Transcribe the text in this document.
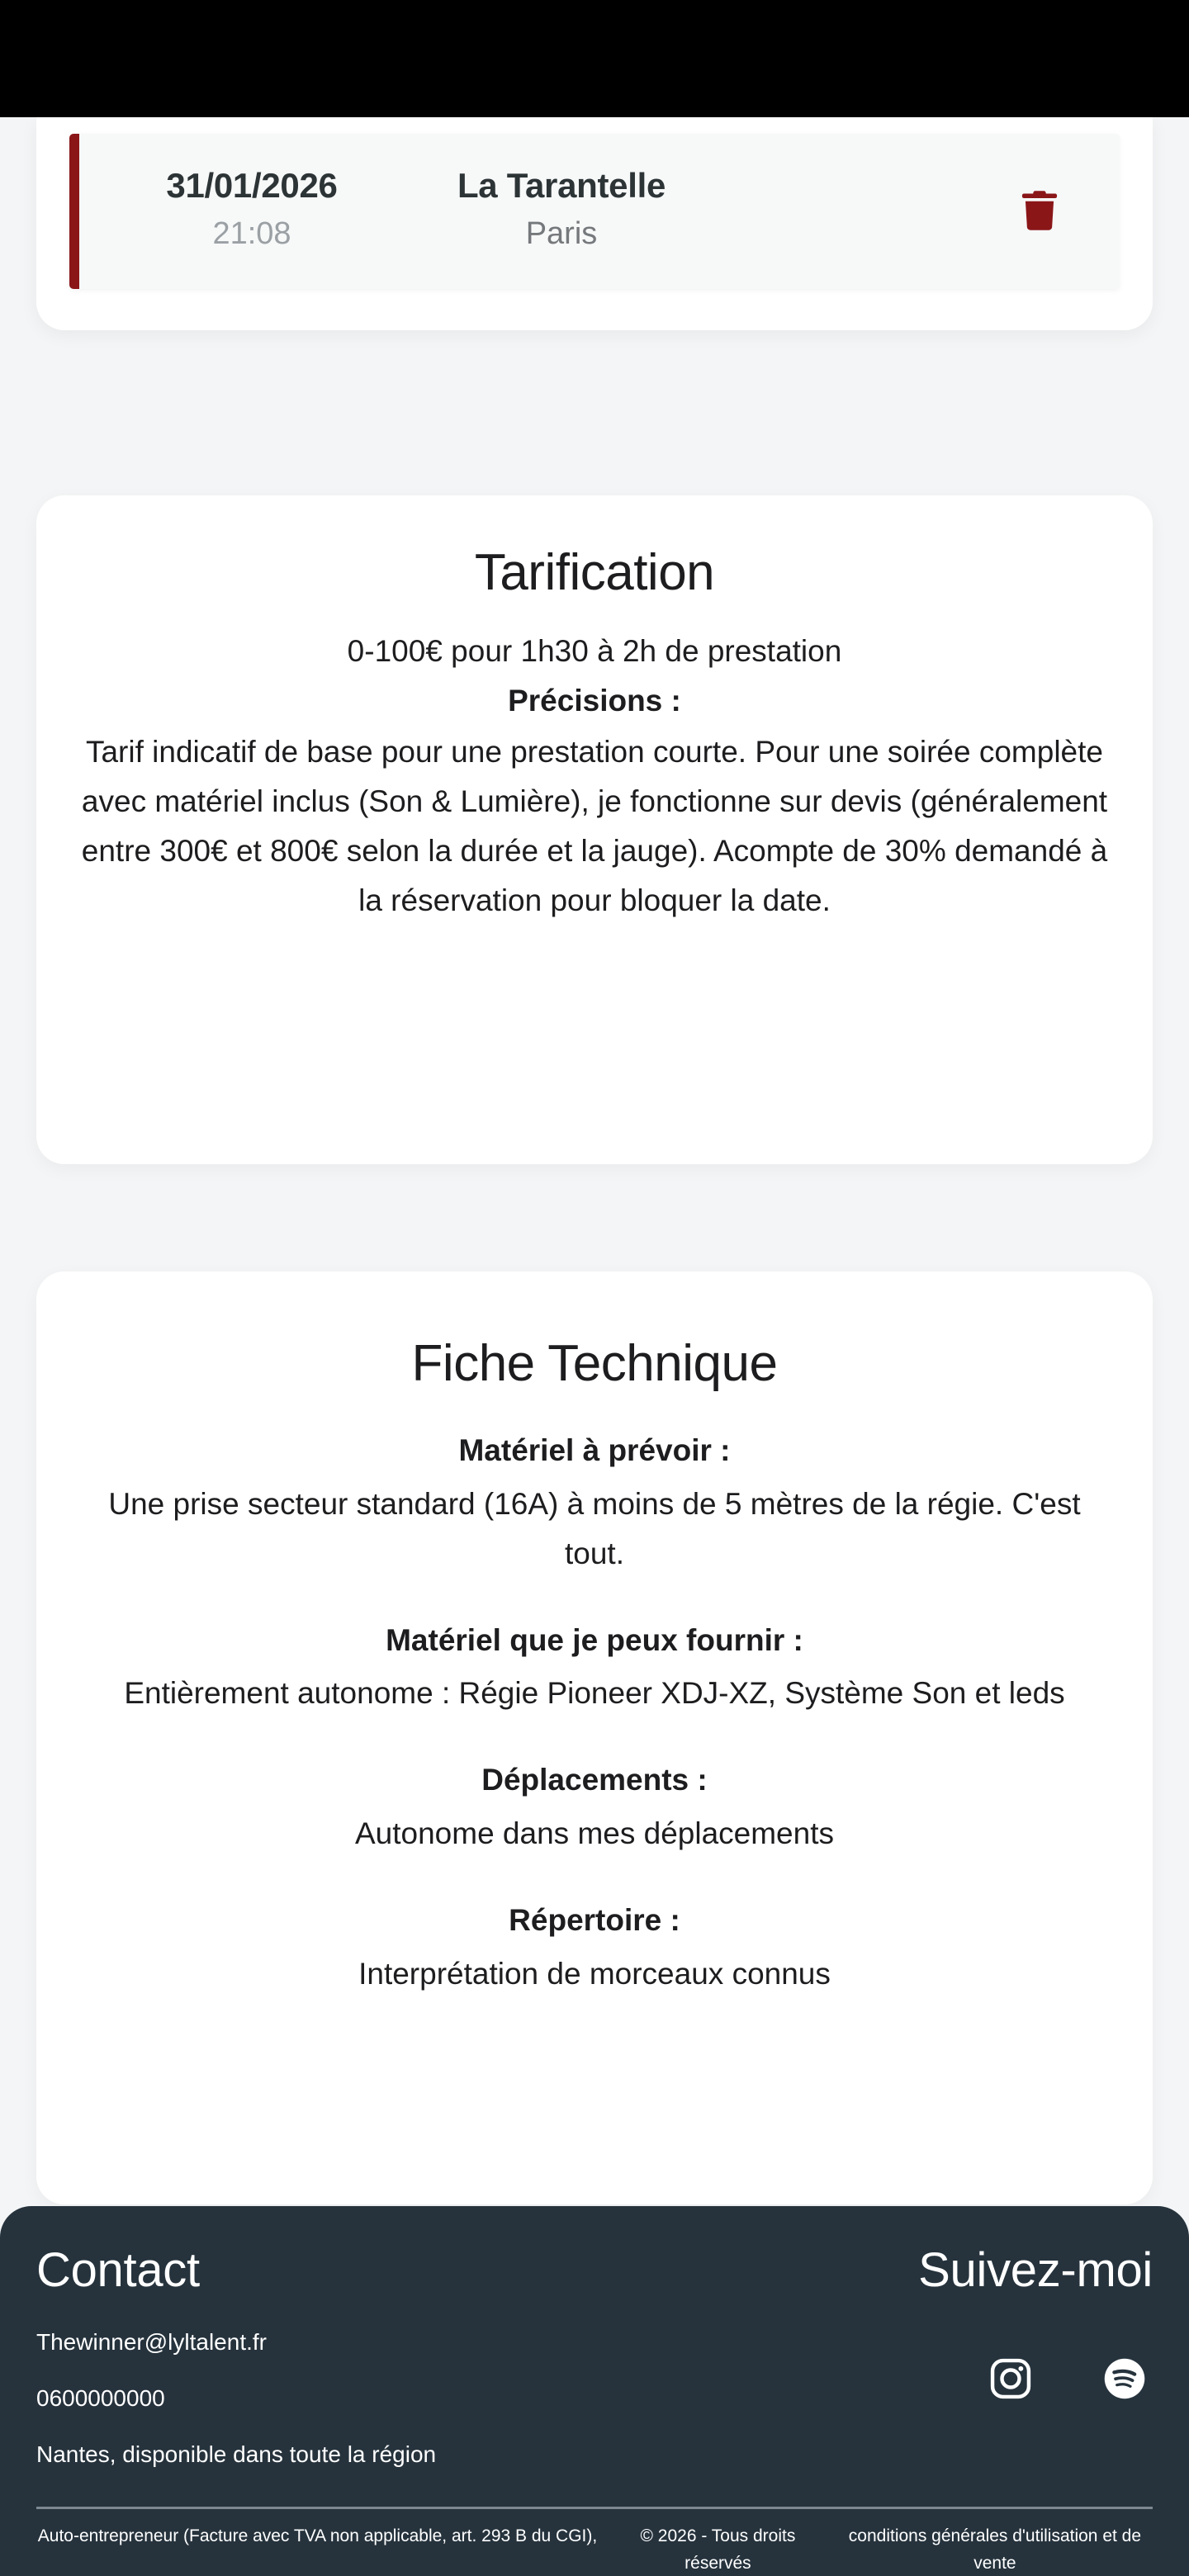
31/01/2026
21:08
La Tarantelle
Paris
Tarification

0-100€ pour 1h30 à 2h de prestation

Précisions :

Tarif indicatif de base pour une prestation courte. Pour une soirée complète avec matériel inclus (Son & Lumière), je fonctionne sur devis (généralement entre 300€ et 800€ selon la durée et la jauge). Acompte de 30% demandé à la réservation pour bloquer la date.

Fiche Technique

Matériel à prévoir :

Une prise secteur standard (16A) à moins de 5 mètres de la régie. C'est tout.

Matériel que je peux fournir :

Entièrement autonome : Régie Pioneer XDJ-XZ, Système Son et leds

Déplacements :

Autonome dans mes déplacements

Répertoire :

Interprétation de morceaux connus

Contact
Thewinner@lyltalent.fr
0600000000
Nantes, disponible dans toute la région
Suivez-moi
Auto-entrepreneur (Facture avec TVA non applicable, art. 293 B du CGI),	© 2026 - Tous droits réservés
conditions générales d'utilisation et de vente
